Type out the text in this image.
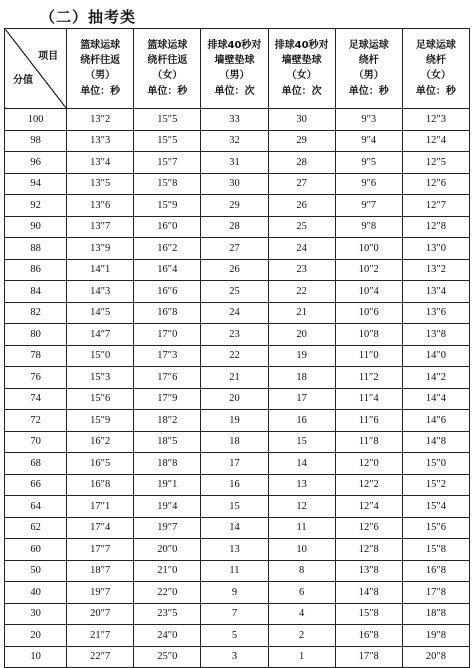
（二）抽考类
项目
分值	篮球运球
绕杆往返
（男）
单位：秒	篮球运球
绕杆往返
（女）
单位：秒	排球40秒对
墙壁垫球
（男）
单位：次	排球40秒对
墙壁垫球
（女）
单位：次	足球运球
绕杆
（男）
单位：秒	足球运球
绕杆
（女）
单位：秒

100	13″2	15″5	33	30	9″3	12″3
98	13″3	15″5	32	29	9″4	12″4
96	13″4	15″7	31	28	9″5	12″5
94	13″5	15″8	30	27	9″6	12″6
92	13″6	15″9	29	26	9″7	12″7
90	13″7	16″0	28	25	9″8	12″8
88	13″9	16″2	27	24	10″0	13″0
86	14″1	16″4	26	23	10″2	13″2
84	14″3	16″6	25	22	10″4	13″4
82	14″5	16″8	24	21	10″6	13″6
80	14″7	17″0	23	20	10″8	13″8
78	15″0	17″3	22	19	11″0	14″0
76	15″3	17″6	21	18	11″2	14″2
74	15″6	17″9	20	17	11″4	14″4
72	15″9	18″2	19	16	11″6	14″6
70	16″2	18″5	18	15	11″8	14″8
68	16″5	18″8	17	14	12″0	15″0
66	16″8	19″1	16	13	12″2	15″2
64	17″1	19″4	15	12	12″4	15″4
62	17″4	19″7	14	11	12″6	15″6
60	17″7	20″0	13	10	12″8	15″8
50	18″7	21″0	11	8	13″8	16″8
40	19″7	22″0	9	6	14″8	17″8
30	20″7	23″5	7	4	15″8	18″8
20	21″7	24″0	5	2	16″8	19″8
10	22″7	25″0	3	1	17″8	20″8
